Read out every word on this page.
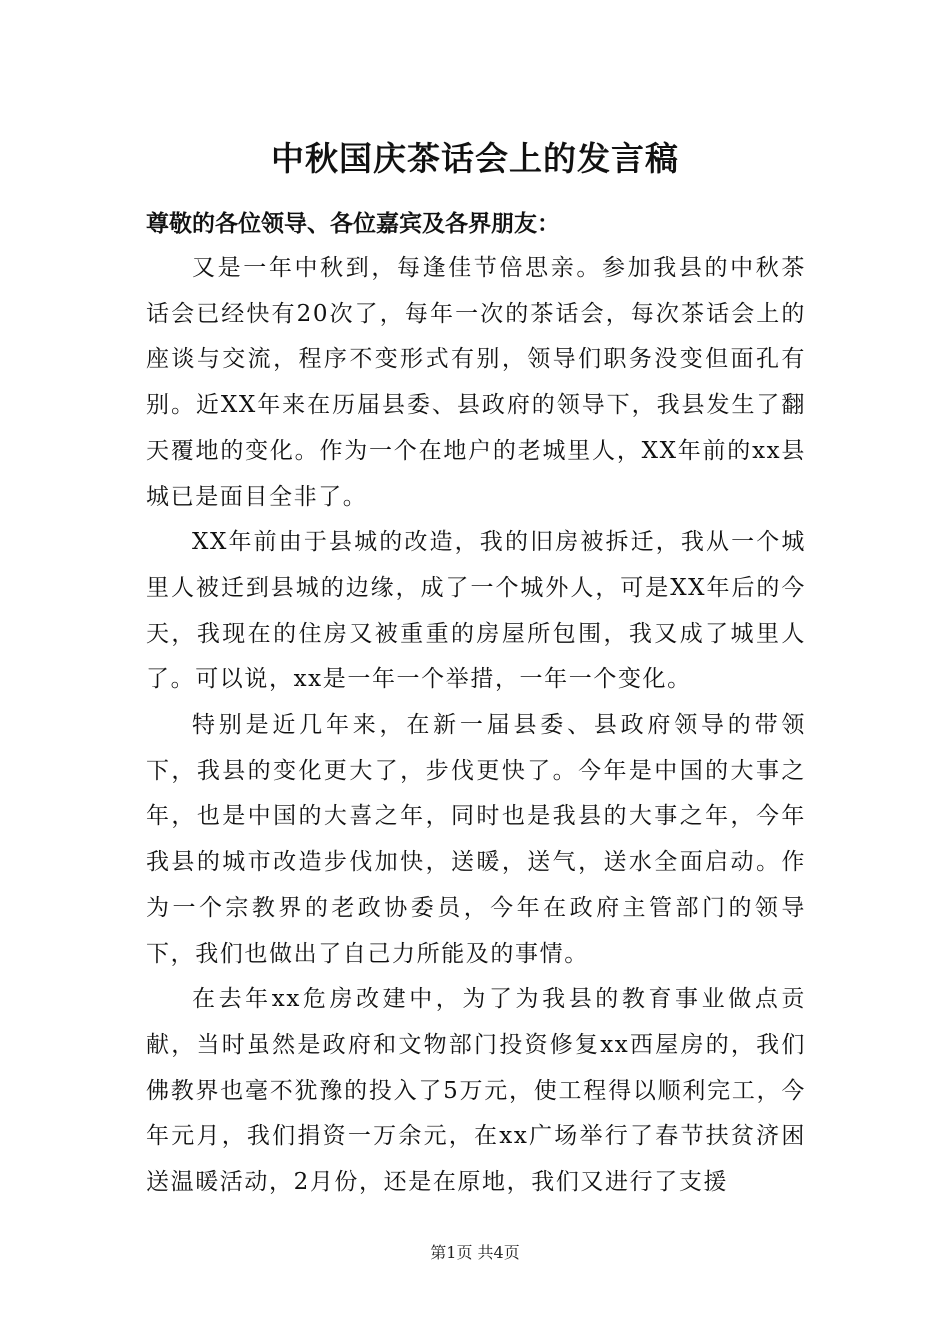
中秋国庆茶话会上的发言稿

尊敬的各位领导、各位嘉宾及各界朋友：

又是一年中秋到，每逢佳节倍思亲。参加我县的中秋茶话会已经快有20次了，每年一次的茶话会，每次茶话会上的座谈与交流，程序不变形式有别，领导们职务没变但面孔有别。近XX年来在历届县委、县政府的领导下，我县发生了翻天覆地的变化。作为一个在地户的老城里人，XX年前的xx县城已是面目全非了。

XX年前由于县城的改造，我的旧房被拆迁，我从一个城里人被迁到县城的边缘，成了一个城外人，可是XX年后的今天，我现在的住房又被重重的房屋所包围，我又成了城里人了。可以说，xx是一年一个举措，一年一个变化。

特别是近几年来，在新一届县委、县政府领导的带领下，我县的变化更大了，步伐更快了。今年是中国的大事之年，也是中国的大喜之年，同时也是我县的大事之年，今年我县的城市改造步伐加快，送暖，送气，送水全面启动。作为一个宗教界的老政协委员，今年在政府主管部门的领导下，我们也做出了自己力所能及的事情。

在去年xx危房改建中，为了为我县的教育事业做点贡献，当时虽然是政府和文物部门投资修复xx西屋房的，我们佛教界也毫不犹豫的投入了5万元，使工程得以顺利完工，今年元月，我们捐资一万余元，在xx广场举行了春节扶贫济困送温暖活动，2月份，还是在原地，我们又进行了支援

第1页 共4页
